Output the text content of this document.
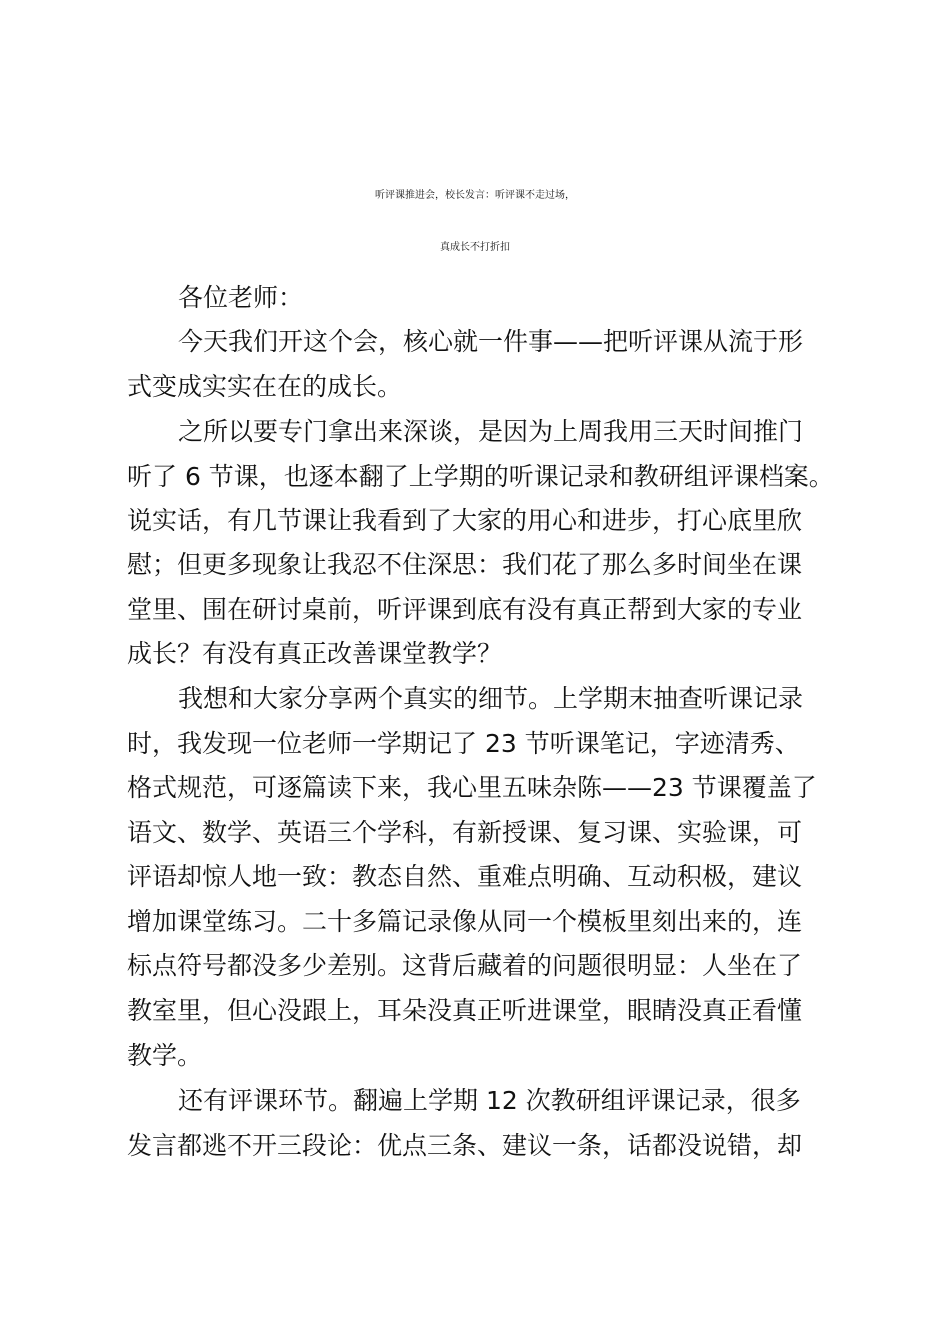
听评课推进会，校长发言：听评课不走过场，
真成长不打折扣
各位老师：
今天我们开这个会，核心就一件事——把听评课从流于形
式变成实实在在的成长。
之所以要专门拿出来深谈，是因为上周我用三天时间推门
听了 6 节课，也逐本翻了上学期的听课记录和教研组评课档案。
说实话，有几节课让我看到了大家的用心和进步，打心底里欣
慰；但更多现象让我忍不住深思：我们花了那么多时间坐在课
堂里、围在研讨桌前，听评课到底有没有真正帮到大家的专业
成长？有没有真正改善课堂教学？
我想和大家分享两个真实的细节。上学期末抽查听课记录
时，我发现一位老师一学期记了 23 节听课笔记，字迹清秀、
格式规范，可逐篇读下来，我心里五味杂陈——23 节课覆盖了
语文、数学、英语三个学科，有新授课、复习课、实验课，可
评语却惊人地一致：教态自然、重难点明确、互动积极，建议
增加课堂练习。二十多篇记录像从同一个模板里刻出来的，连
标点符号都没多少差别。这背后藏着的问题很明显：人坐在了
教室里，但心没跟上，耳朵没真正听进课堂，眼睛没真正看懂
教学。
还有评课环节。翻遍上学期 12 次教研组评课记录，很多
发言都逃不开三段论：优点三条、建议一条，话都没说错，却
